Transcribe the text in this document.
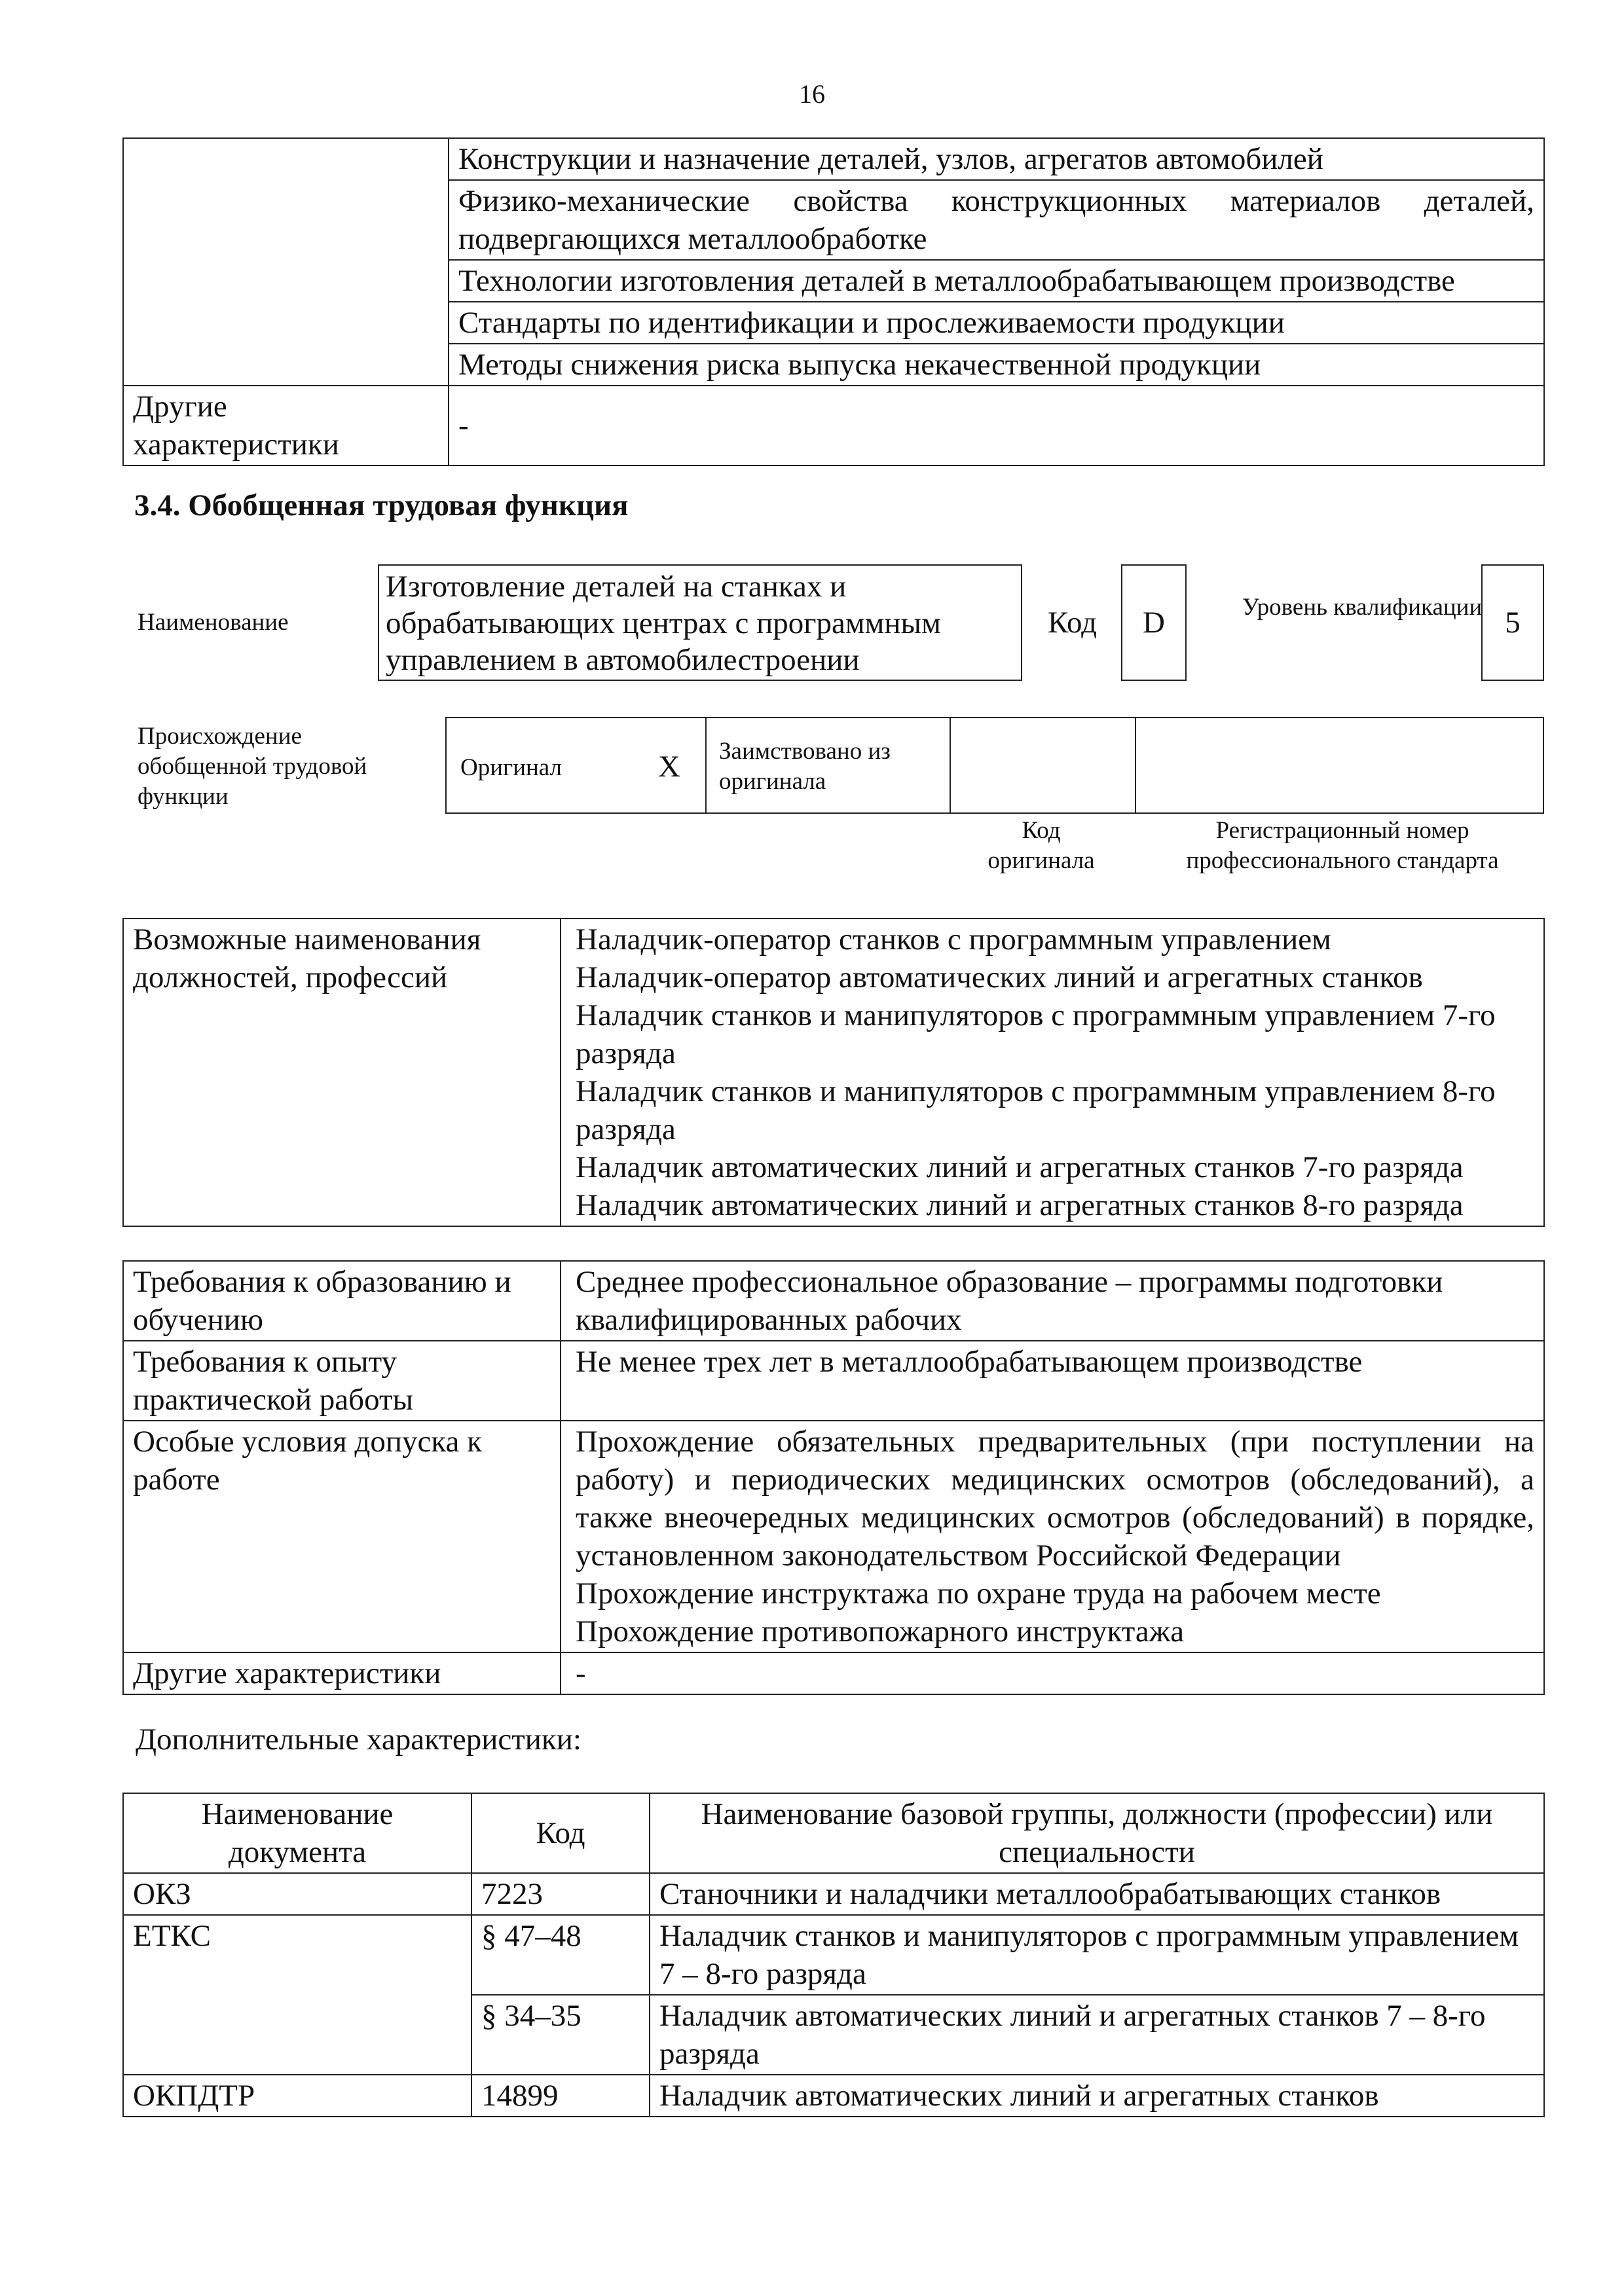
16
	Конструкции и назначение деталей, узлов, агрегатов автомобилей
	Физико-механические свойства конструкционных материалов деталей, подвергающихся металлообработке
	Технологии изготовления деталей в металлообрабатывающем производстве
	Стандарты по идентификации и прослеживаемости продукции
	Методы снижения риска выпуска некачественной продукции
Другие характеристики	-
3.4. Обобщенная трудовая функция
Наименование
Изготовление деталей на станках и обрабатывающих центрах с программным управлением в автомобилестроении
Код	D	Уровень квалификации 5
Происхождение обобщенной трудовой функции
Оригинал	X Заимствовано из оригинала
Код оригинала
Регистрационный номер профессионального стандарта
Возможные наименования должностей, профессий	
Наладчик-оператор станков с программным управлением
Наладчик-оператор автоматических линий и агрегатных станков
Наладчик станков и манипуляторов с программным управлением 7-го разряда
Наладчик станков и манипуляторов с программным управлением 8-го разряда
Наладчик автоматических линий и агрегатных станков 7-го разряда
Наладчик автоматических линий и агрегатных станков 8-го разряда
Требования к образованию и обучению	Среднее профессиональное образование – программы подготовки квалифицированных рабочих
Требования к опыту практической работы	Не менее трех лет в металлообрабатывающем производстве
Особые условия допуска к работе	Прохождение обязательных предварительных (при поступлении на работу) и периодических медицинских осмотров (обследований), а также внеочередных медицинских осмотров (обследований) в порядке, установленном законодательством Российской Федерации
Прохождение инструктажа по охране труда на рабочем месте
Прохождение противопожарного инструктажа

Другие характеристики	-
Дополнительные характеристики:
Наименование документа	Код	Наименование базовой группы, должности (профессии) или специальности
ОКЗ	7223	Станочники и наладчики металлообрабатывающих станков
ЕТКС	§ 47–48	Наладчик станков и манипуляторов с программным управлением 7 – 8-го разряда
	§ 34–35	Наладчик автоматических линий и агрегатных станков 7 – 8-го разряда
ОКПДТР	14899	Наладчик автоматических линий и агрегатных станков
